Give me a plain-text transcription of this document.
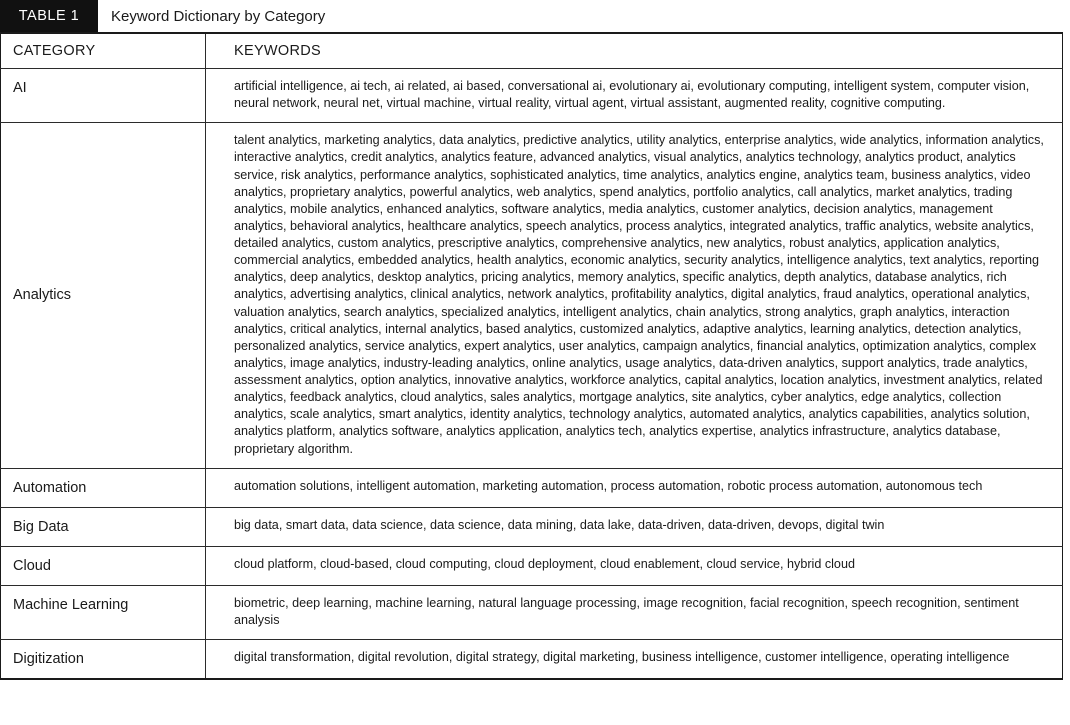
TABLE 1	Keyword Dictionary by Category
CATEGORY	KEYWORDS
AI	artificial intelligence, ai tech, ai related, ai based, conversational ai, evolutionary ai, evolutionary computing, intelligent system, computer vision, neural network, neural net, virtual machine, virtual reality, virtual agent, virtual assistant, augmented reality, cognitive computing.
Analytics	talent analytics, marketing analytics, data analytics, predictive analytics, utility analytics, enterprise analytics, wide analytics, information analytics, interactive analytics, credit analytics, analytics feature, advanced analytics, visual analytics, analytics technology, analytics product, analytics service, risk analytics, performance analytics, sophisticated analytics, time analytics, analytics engine, analytics team, business analytics, video analytics, proprietary analytics, powerful analytics, web analytics, spend analytics, portfolio analytics, call analytics, market analytics, trading analytics, mobile analytics, enhanced analytics, software analytics, media analytics, customer analytics, decision analytics, management analytics, behavioral analytics, healthcare analytics, speech analytics, process analytics, integrated analytics, traffic analytics, website analytics, detailed analytics, custom analytics, prescriptive analytics, comprehensive analytics, new analytics, robust analytics, application analytics, commercial analytics, embedded analytics, health analytics, economic analytics, security analytics, intelligence analytics, text analytics, reporting analytics, deep analytics, desktop analytics, pricing analytics, memory analytics, specific analytics, depth analytics, database analytics, rich analytics, advertising analytics, clinical analytics, network analytics, profitability analytics, digital analytics, fraud analytics, operational analytics, valuation analytics, search analytics, specialized analytics, intelligent analytics, chain analytics, strong analytics, graph analytics, interaction analytics, critical analytics, internal analytics, based analytics, customized analytics, adaptive analytics, learning analytics, detection analytics, personalized analytics, service analytics, expert analytics, user analytics, campaign analytics, financial analytics, optimization analytics, complex analytics, image analytics, industry-leading analytics, online analytics, usage analytics, data-driven analytics, support analytics, trade analytics, assessment analytics, option analytics, innovative analytics, workforce analytics, capital analytics, location analytics, investment analytics, related analytics, feedback analytics, cloud analytics, sales analytics, mortgage analytics, site analytics, cyber analytics, edge analytics, collection analytics, scale analytics, smart analytics, identity analytics, technology analytics, automated analytics, analytics capabilities, analytics solution, analytics platform, analytics software, analytics application, analytics tech, analytics expertise, analytics infrastructure, analytics database, proprietary algorithm.
Automation	automation solutions, intelligent automation, marketing automation, process automation, robotic process automation, autonomous tech
Big Data	big data, smart data, data science, data science, data mining, data lake, data-driven, data-driven, devops, digital twin
Cloud	cloud platform, cloud-based, cloud computing, cloud deployment, cloud enablement, cloud service, hybrid cloud
Machine Learning	biometric, deep learning, machine learning, natural language processing, image recognition, facial recognition, speech recognition, sentiment analysis
Digitization	digital transformation, digital revolution, digital strategy, digital marketing, business intelligence, customer intelligence, operating intelligence
